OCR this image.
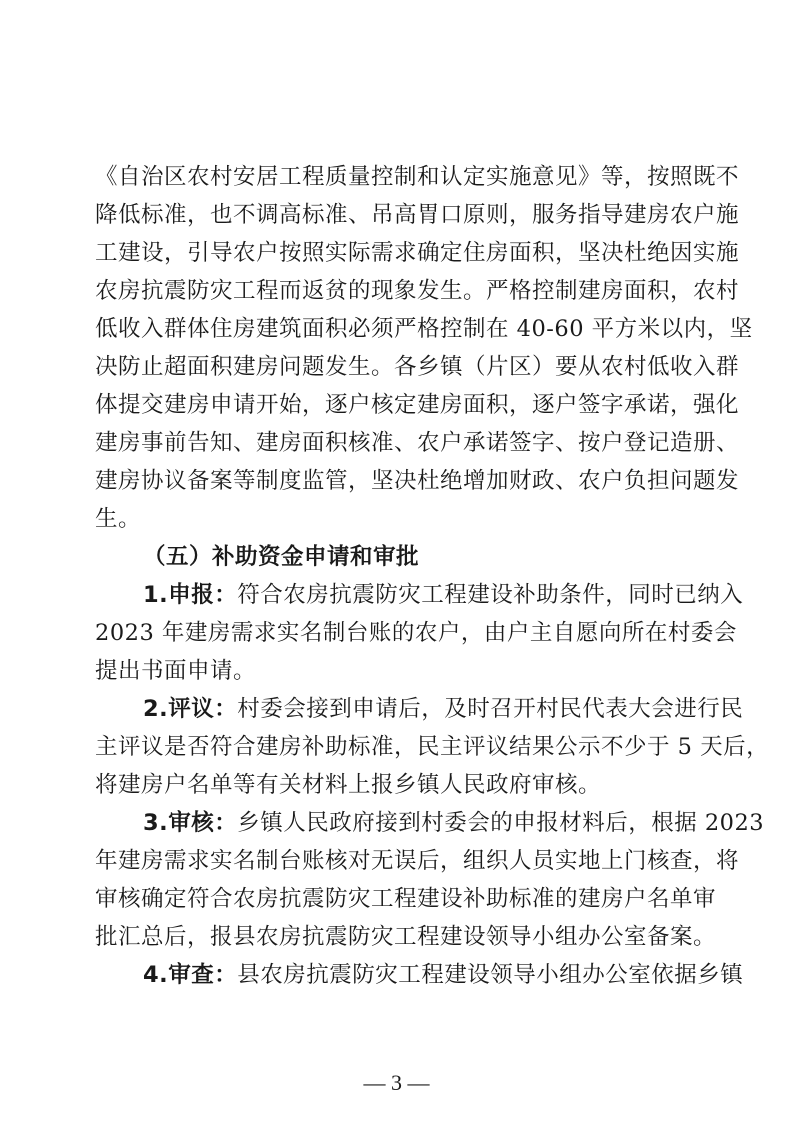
《自治区农村安居工程质量控制和认定实施意见》等，按照既不
降低标准，也不调高标准、吊高胃口原则，服务指导建房农户施
工建设，引导农户按照实际需求确定住房面积，坚决杜绝因实施
农房抗震防灾工程而返贫的现象发生。严格控制建房面积，农村
低收入群体住房建筑面积必须严格控制在 40-60 平方米以内，坚
决防止超面积建房问题发生。各乡镇（片区）要从农村低收入群
体提交建房申请开始，逐户核定建房面积，逐户签字承诺，强化
建房事前告知、建房面积核准、农户承诺签字、按户登记造册、
建房协议备案等制度监管，坚决杜绝增加财政、农户负担问题发
生。
（五）补助资金申请和审批
1.申报：符合农房抗震防灾工程建设补助条件，同时已纳入
2023 年建房需求实名制台账的农户，由户主自愿向所在村委会
提出书面申请。
2.评议：村委会接到申请后，及时召开村民代表大会进行民
主评议是否符合建房补助标准，民主评议结果公示不少于 5 天后，
将建房户名单等有关材料上报乡镇人民政府审核。
3.审核：乡镇人民政府接到村委会的申报材料后，根据 2023
年建房需求实名制台账核对无误后，组织人员实地上门核查，将
审核确定符合农房抗震防灾工程建设补助标准的建房户名单审
批汇总后，报县农房抗震防灾工程建设领导小组办公室备案。
4.审查：县农房抗震防灾工程建设领导小组办公室依据乡镇
— 3 —
